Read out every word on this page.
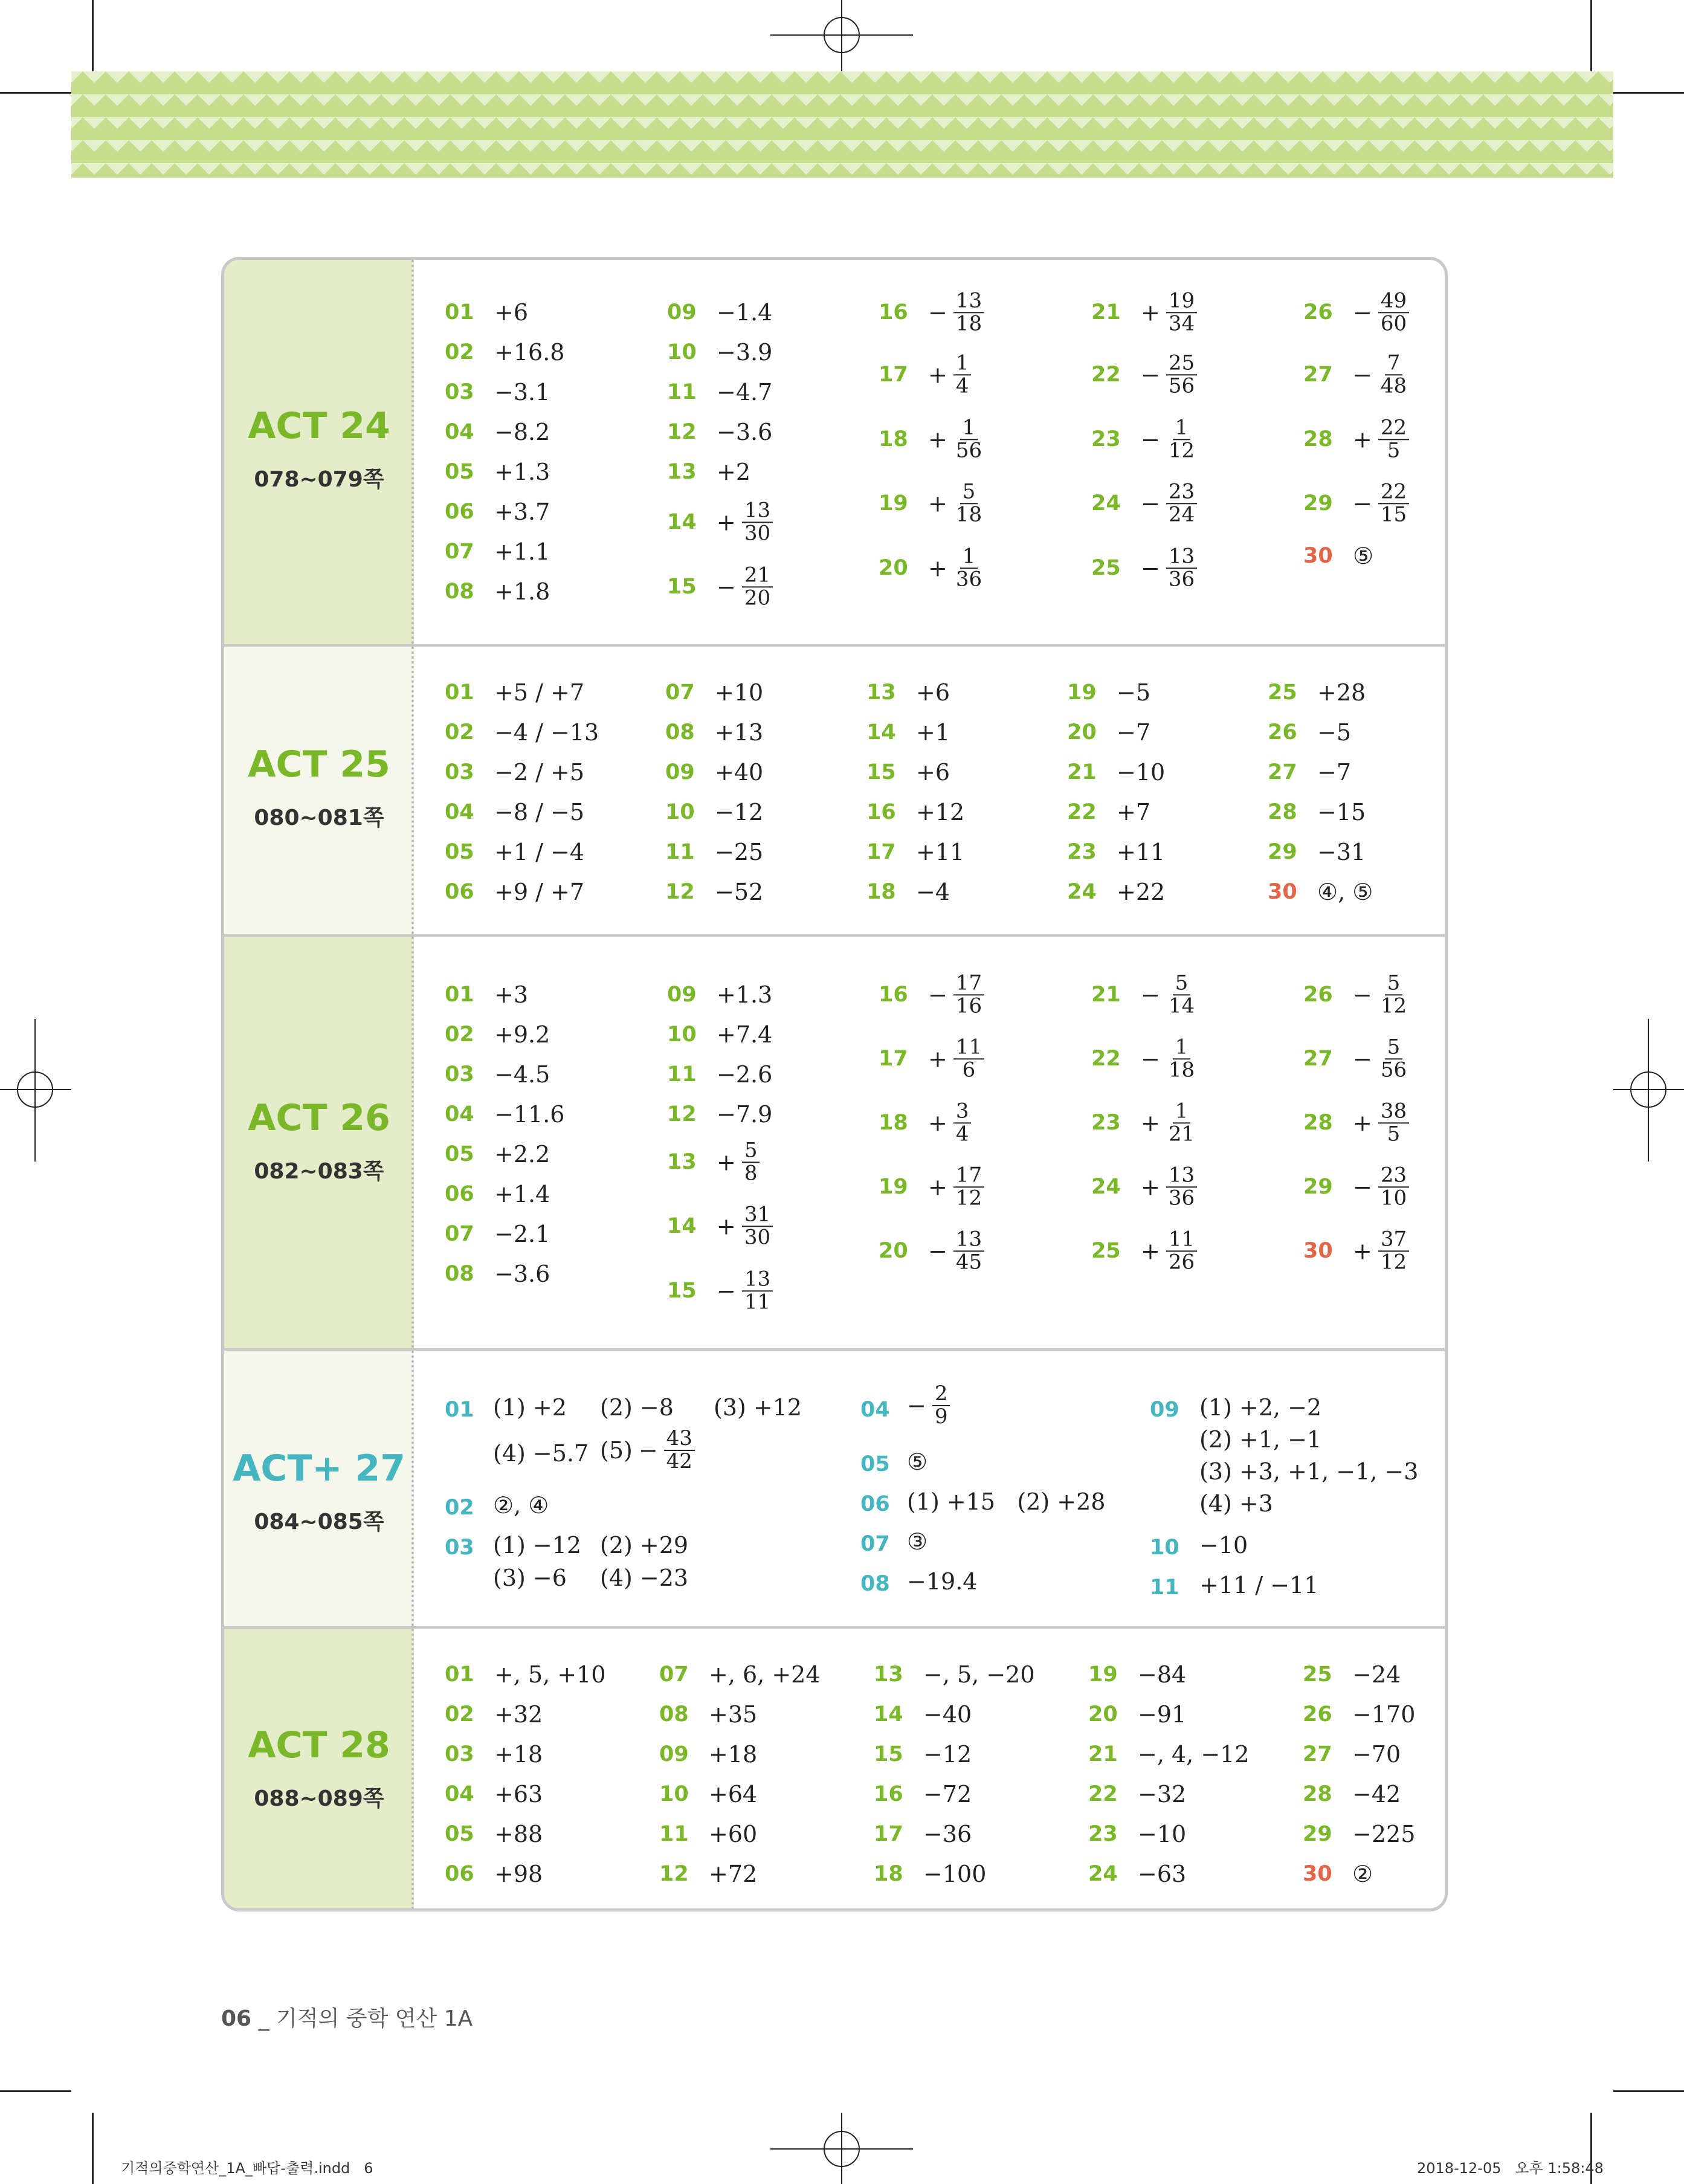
ACT 24
078~079쪽
01 +6
02 +16.8
03 −3.1
04 −8.2
05 +1.3
06 +3.7
07 +1.1
08 +1.8
09 −1.4
10 −3.9
11 −4.7
12 −3.6
13 +2
$14 + \frac{13}{30}$
$15 - \frac{21}{20}$
$16 - \frac{13}{18}$
$17 + \frac{1}{4}$
$18 + \frac{1}{56}$
$19 + \frac{5}{18}$
$20 + \frac{1}{36}$
$21 + \frac{19}{34}$
$22 - \frac{25}{56}$
$23 - \frac{1}{12}$
$24 - \frac{23}{24}$
$25 - \frac{13}{36}$
$26 - \frac{49}{60}$
$27 - \frac{7}{48}$
$28 + \frac{22}{5}$
$29 - \frac{22}{15}$
30 ⑤
ACT 25
080~081쪽
01 +5 / +7
02 −4 / −13
03 −2 / +5
04 −8 / −5
05 +1 / −4
06 +9 / +7
07 +10
08 +13
09 +40
10 −12
11 −25
12 −52
13 +6
14 +1
15 +6
16 +12
17 +11
18 −4
19 −5
20 −7
21 −10
22 +7
23 +11
24 +22
25 +28
26 −5
27 −7
28 −15
29 −31
30 ④, ⑤
ACT 26
082~083쪽
01 +3
02 +9.2
03 −4.5
04 −11.6
05 +2.2
06 +1.4
07 −2.1
08 −3.6
09 +1.3
10 +7.4
11 −2.6
12 −7.9
$13 + \frac{5}{8}$
$14 + \frac{31}{30}$
$15 - \frac{13}{11}$
$16 - \frac{17}{16}$
$17 + \frac{11}{6}$
$18 + \frac{3}{4}$
$19 + \frac{17}{12}$
$20 - \frac{13}{45}$
$21 - \frac{5}{14}$
$22 - \frac{1}{18}$
$23 + \frac{1}{21}$
$24 + \frac{13}{36}$
$25 + \frac{11}{26}$
$26 - \frac{5}{12}$
$27 - \frac{5}{56}$
$28 + \frac{38}{5}$
$29 - \frac{23}{10}$
$30 + \frac{37}{12}$
ACT+ 27
084~085쪽
01 (1) +2 (2) −8 (3) +12
(4) −5.7 $(5) - \frac{43}{42}$
02 ②, ④
03 (1) −12 (2) +29
(3) −6 (4) −23
$04 - \frac{2}{9}$
05 ⑤
06 (1) +15   (2) +28
07 ③
08 −19.4
09 (1) +2, −2
(2) +1, −1
(3) +3, +1, −1, −3
(4) +3
10 −10
11 +11 / −11
ACT 28
088~089쪽
01 +, 5, +10
02 +32
03 +18
04 +63
05 +88
06 +98
07 +, 6, +24
08 +35
09 +18
10 +64
11 +60
12 +72
13 −, 5, −20
14 −40
15 −12
16 −72
17 −36
18 −100
19 −84
20 −91
21 −, 4, −12
22 −32
23 −10
24 −63
25 −24
26 −170
27 −70
28 −42
29 −225
30 ②
06 _ 기적의 중학 연산 1A
기적의중학연산_1A_빠답-출력.indd   6	2018-12-05   오후 1:58:48
